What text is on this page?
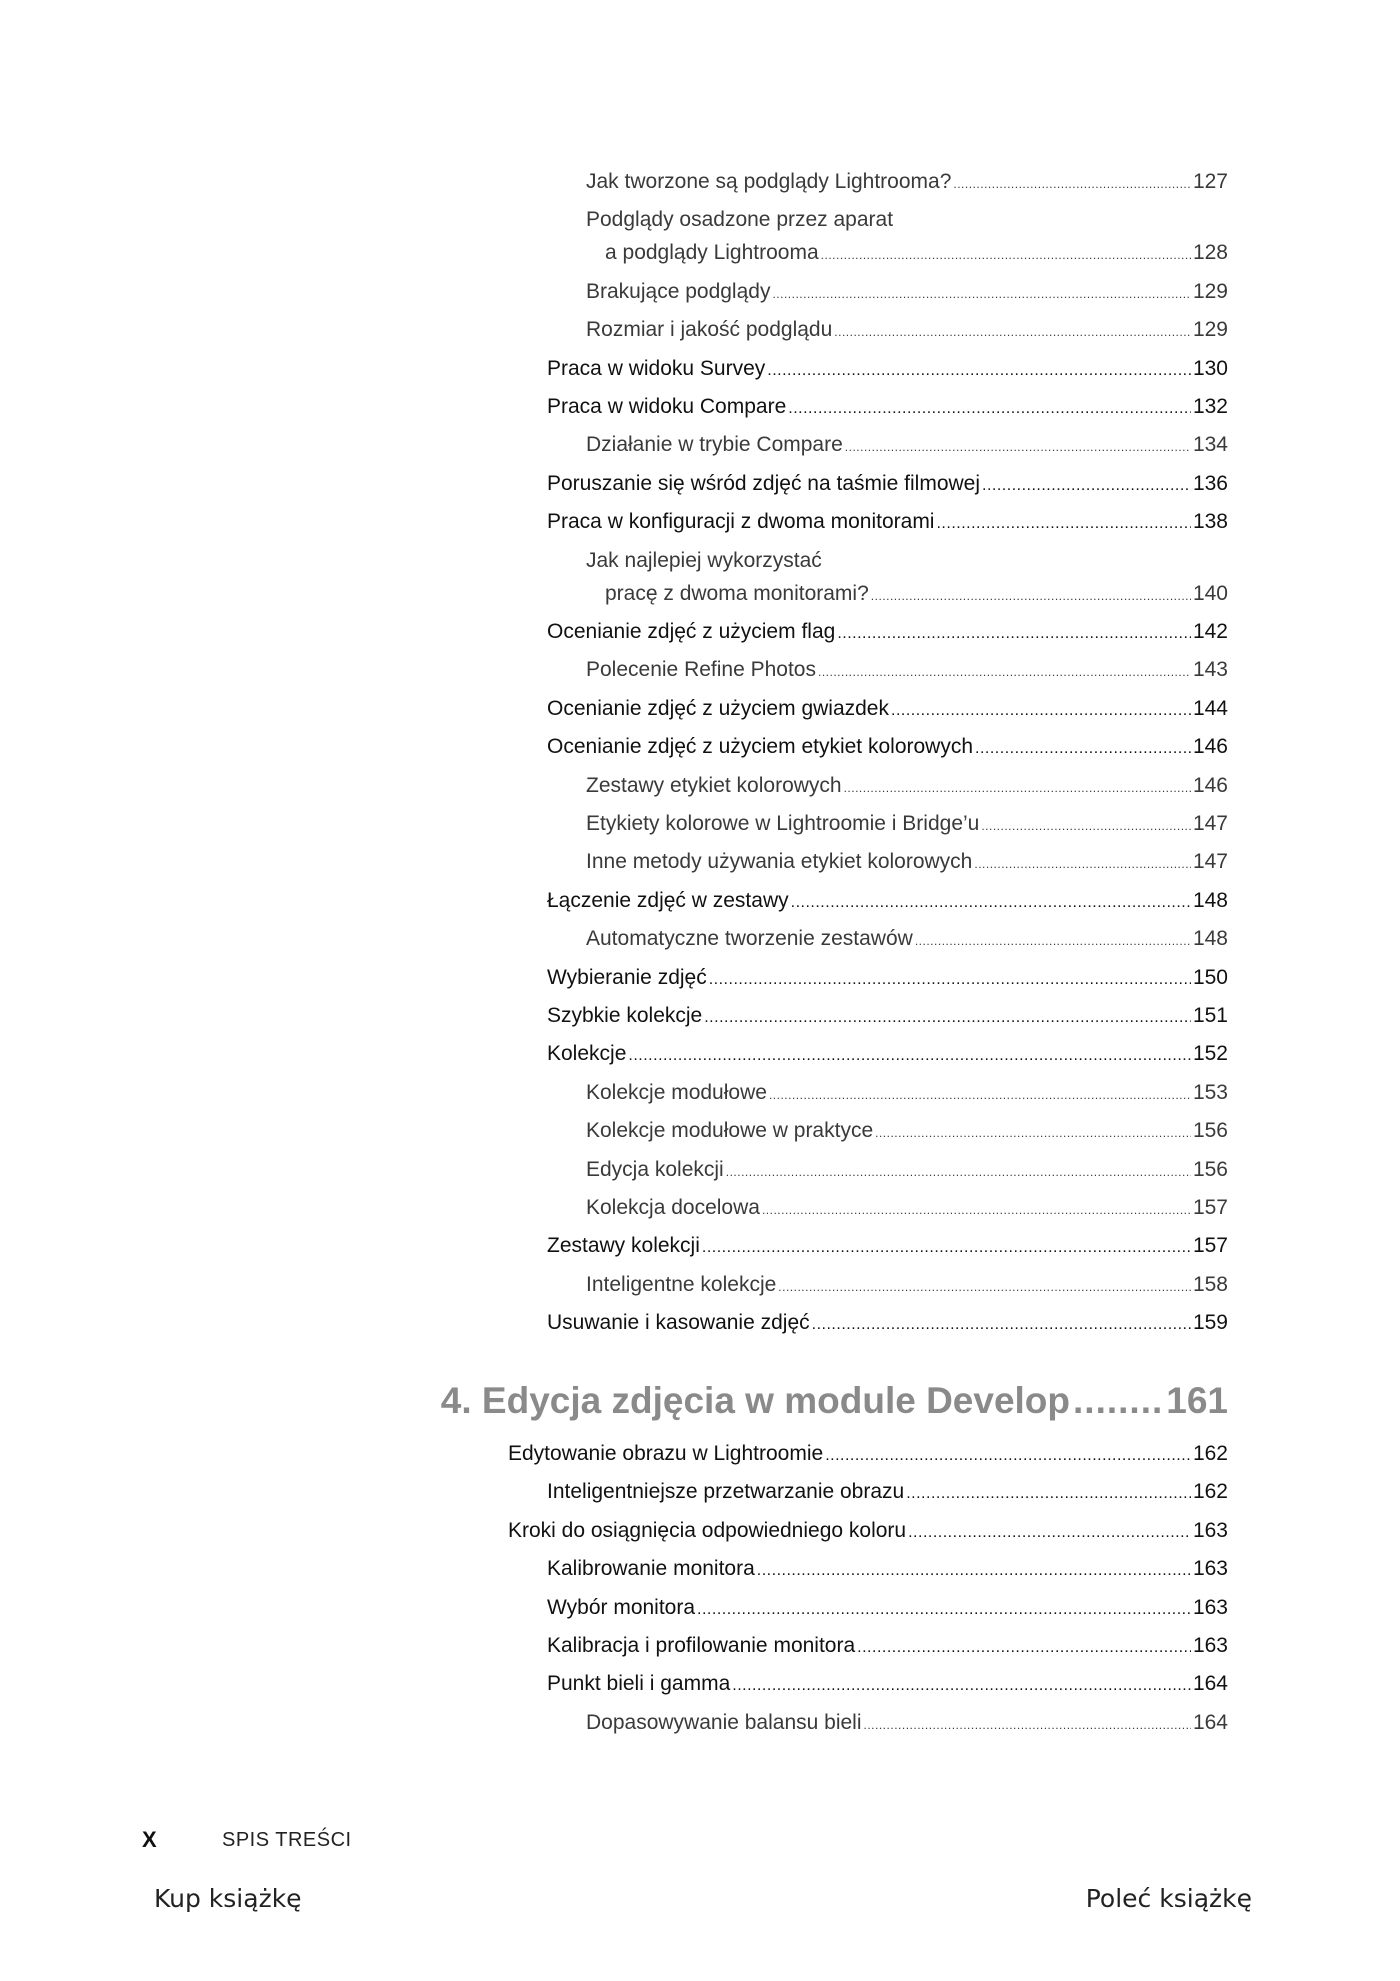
Jak tworzone są podglądy Lightrooma? .....	127
Podglądy osadzone przez aparat
a podglądy Lightrooma .....	128
Brakujące podglądy .....	129
Rozmiar i jakość podglądu .....	129
Praca w widoku Survey .....	130
Praca w widoku Compare .....	132
Działanie w trybie Compare .....	134
Poruszanie się wśród zdjęć na taśmie filmowej .....	136
Praca w konfiguracji z dwoma monitorami .....	138
Jak najlepiej wykorzystać
pracę z dwoma monitorami? .....	140
Ocenianie zdjęć z użyciem flag .....	142
Polecenie Refine Photos .....	143
Ocenianie zdjęć z użyciem gwiazdek .....	144
Ocenianie zdjęć z użyciem etykiet kolorowych .....	146
Zestawy etykiet kolorowych .....	146
Etykiety kolorowe w Lightroomie i Bridge’u .....	147
Inne metody używania etykiet kolorowych .....	147
Łączenie zdjęć w zestawy .....	148
Automatyczne tworzenie zestawów .....	148
Wybieranie zdjęć .....	150
Szybkie kolekcje .....	151
Kolekcje .....	152
Kolekcje modułowe .....	153
Kolekcje modułowe w praktyce .....	156
Edycja kolekcji .....	156
Kolekcja docelowa .....	157
Zestawy kolekcji .....	157
Inteligentne kolekcje .....	158
Usuwanie i kasowanie zdjęć .....	159
Edytowanie obrazu w Lightroomie .....	162
Inteligentniejsze przetwarzanie obrazu .....	162
Kroki do osiągnięcia odpowiedniego koloru .....	163
Kalibrowanie monitora .....	163
Wybór monitora .....	163
Kalibracja i profilowanie monitora .....	163
Punkt bieli i gamma .....	164
Dopasowywanie balansu bieli .....	164
4. Edycja zdjęcia w module Develop ........	161
X	SPIS TREŚCI
Kup książkę	Poleć książkę
